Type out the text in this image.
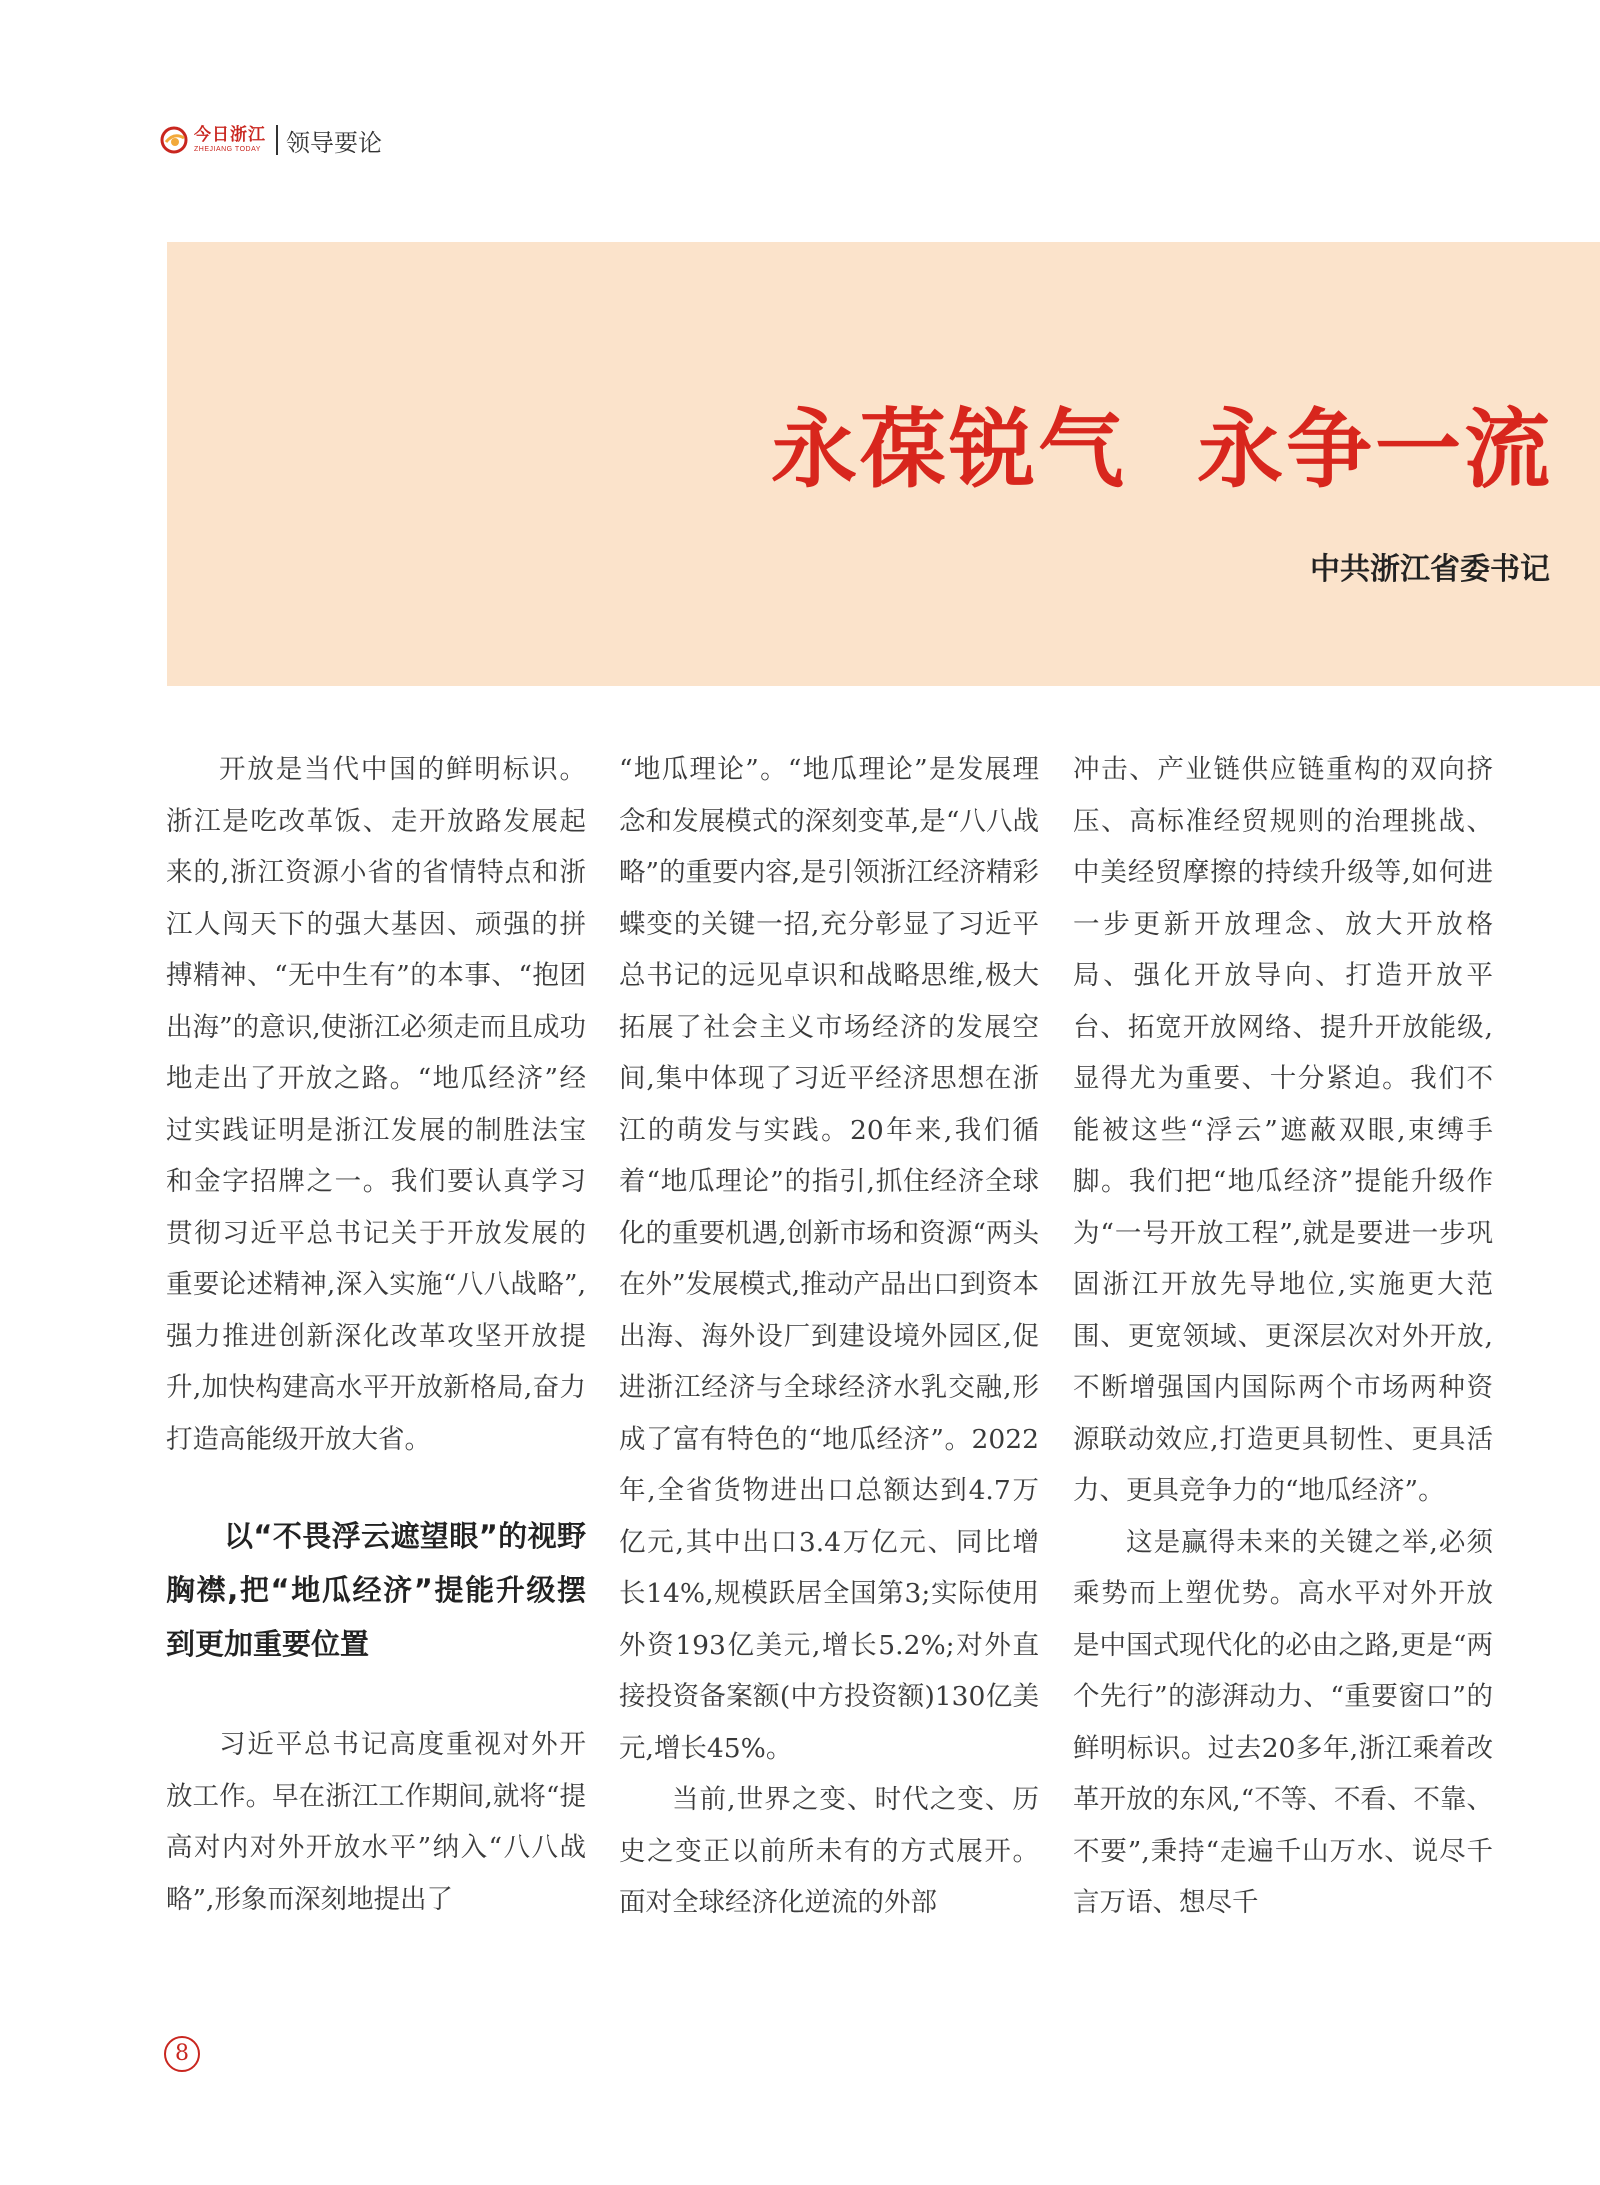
今日浙江
ZHEJIANG TODAY 领导要论
永葆锐气 永争一流

中共浙江省委书记

开放是当代中国的鲜明标识。浙江是吃改革饭、走开放路发展起来的,浙江资源小省的省情特点和浙江人闯天下的强大基因、顽强的拼搏精神、“无中生有”的本事、“抱团出海”的意识,使浙江必须走而且成功地走出了开放之路。“地瓜经济”经过实践证明是浙江发展的制胜法宝和金字招牌之一。我们要认真学习贯彻习近平总书记关于开放发展的重要论述精神,深入实施“八八战略”,强力推进创新深化改革攻坚开放提升,加快构建高水平开放新格局,奋力打造高能级开放大省。

以“不畏浮云遮望眼”的视野胸襟,把“地瓜经济”提能升级摆到更加重要位置

习近平总书记高度重视对外开放工作。早在浙江工作期间,就将“提高对内对外开放水平”纳入“八八战略”,形象而深刻地提出了

“地瓜理论”。“地瓜理论”是发展理念和发展模式的深刻变革,是“八八战略”的重要内容,是引领浙江经济精彩蝶变的关键一招,充分彰显了习近平总书记的远见卓识和战略思维,极大拓展了社会主义市场经济的发展空间,集中体现了习近平经济思想在浙江的萌发与实践。20年来,我们循着“地瓜理论”的指引,抓住经济全球化的重要机遇,创新市场和资源“两头在外”发展模式,推动产品出口到资本出海、海外设厂到建设境外园区,促进浙江经济与全球经济水乳交融,形成了富有特色的“地瓜经济”。2022年,全省货物进出口总额达到4.7万亿元,其中出口3.4万亿元、同比增长14%,规模跃居全国第3;实际使用外资193亿美元,增长5.2%;对外直接投资备案额(中方投资额)130亿美元,增长45%。

当前,世界之变、时代之变、历史之变正以前所未有的方式展开。面对全球经济化逆流的外部

冲击、产业链供应链重构的双向挤压、高标准经贸规则的治理挑战、中美经贸摩擦的持续升级等,如何进一步更新开放理念、放大开放格局、强化开放导向、打造开放平台、拓宽开放网络、提升开放能级,显得尤为重要、十分紧迫。我们不能被这些“浮云”遮蔽双眼,束缚手脚。我们把“地瓜经济”提能升级作为“一号开放工程”,就是要进一步巩固浙江开放先导地位,实施更大范围、更宽领域、更深层次对外开放,不断增强国内国际两个市场两种资源联动效应,打造更具韧性、更具活力、更具竞争力的“地瓜经济”。

这是赢得未来的关键之举,必须乘势而上塑优势。高水平对外开放是中国式现代化的必由之路,更是“两个先行”的澎湃动力、“重要窗口”的鲜明标识。过去20多年,浙江乘着改革开放的东风,“不等、不看、不靠、不要”,秉持“走遍千山万水、说尽千言万语、想尽千

8
